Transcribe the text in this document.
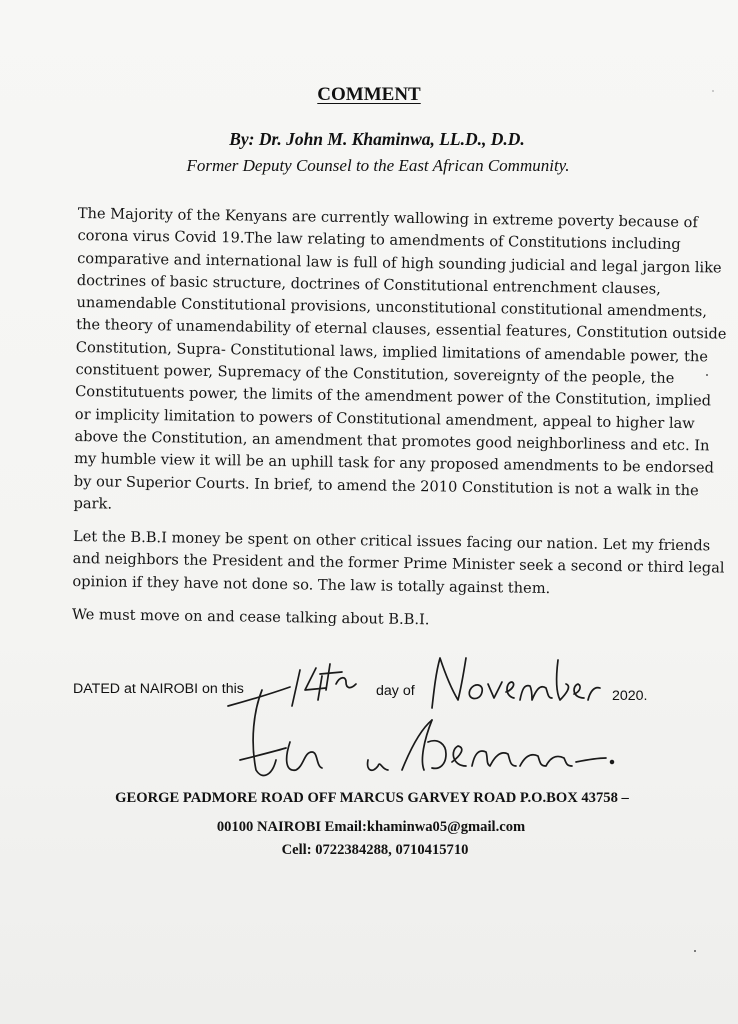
COMMENT
By: Dr. John M. Khaminwa, LL.D., D.D.
Former Deputy Counsel to the East African Community.

The Majority of the Kenyans are currently wallowing in extreme poverty because of
corona virus Covid 19.The law relating to amendments of Constitutions including
comparative and international law is full of high sounding judicial and legal jargon like
doctrines of basic structure, doctrines of Constitutional entrenchment clauses,
unamendable Constitutional provisions, unconstitutional constitutional amendments,
the theory of unamendability of eternal clauses, essential features, Constitution outside
Constitution, Supra- Constitutional laws, implied limitations of amendable power, the
constituent power, Supremacy of the Constitution, sovereignty of the people, the
Constitutuents power, the limits of the amendment power of the Constitution, implied
or implicity limitation to powers of Constitutional amendment, appeal to higher law
above the Constitution, an amendment that promotes good neighborliness and etc. In
my humble view it will be an uphill task for any proposed amendments to be endorsed
by our Superior Courts. In brief, to amend the 2010 Constitution is not a walk in the
park.

Let the B.B.I money be spent on other critical issues facing our nation. Let my friends
and neighbors the President and the former Prime Minister seek a second or third legal
opinion if they have not done so. The law is totally against them.

We must move on and cease talking about B.B.I.

DATED at NAIROBI on this	day of	2020.
GEORGE PADMORE ROAD OFF MARCUS GARVEY ROAD P.O.BOX 43758 –
00100 NAIROBI Email:khaminwa05@gmail.com
Cell: 0722384288, 0710415710
